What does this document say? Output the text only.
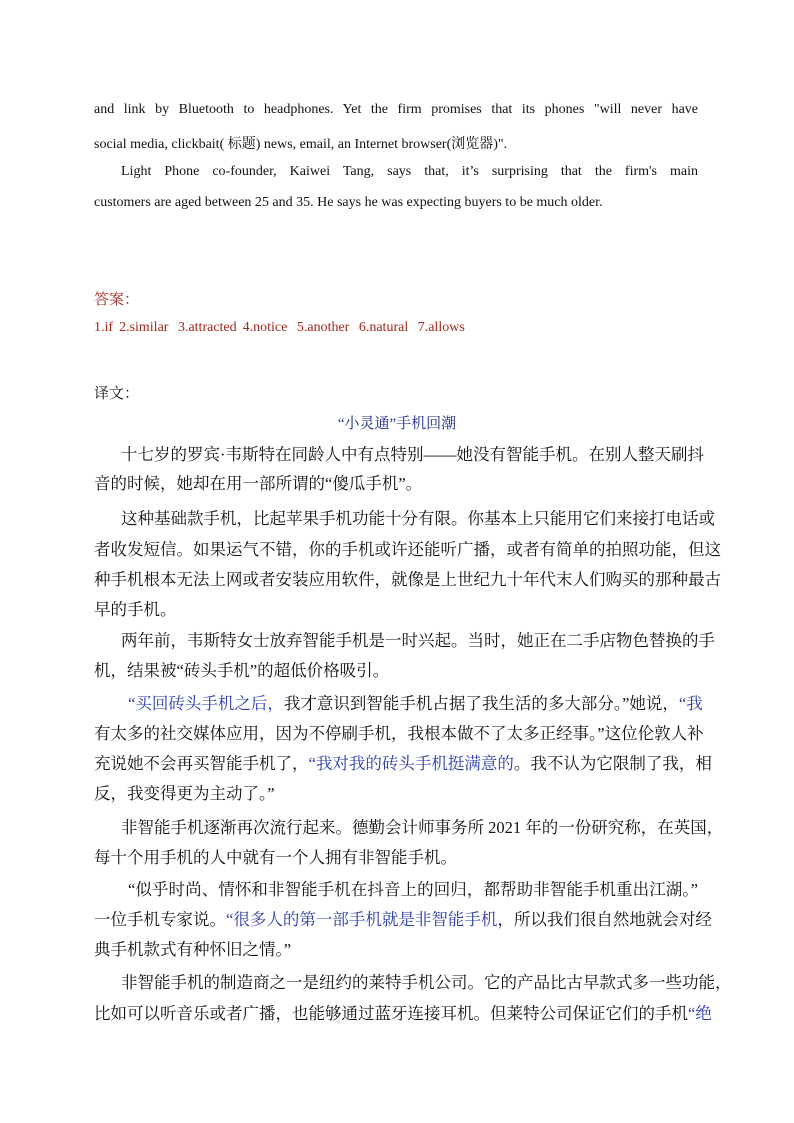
and link by Bluetooth to headphones. Yet the firm promises that its phones "will never have
social media, clickbait( 标题) news, email, an Internet browser(浏览器)".
Light Phone co-founder, Kaiwei Tang, says that, it’s surprising that the firm's main
customers are aged between 25 and 35. He says he was expecting buyers to be much older.
答案：
1.if 2.similar 3.attracted 4.notice 5.another 6.natural 7.allows
译文：
“小灵通”手机回潮
十七岁的罗宾·韦斯特在同龄人中有点特别——她没有智能手机。在别人整天刷抖
音的时候，她却在用一部所谓的“傻瓜手机”。
这种基础款手机，比起苹果手机功能十分有限。你基本上只能用它们来接打电话或
者收发短信。如果运气不错，你的手机或许还能听广播，或者有简单的拍照功能，但这
种手机根本无法上网或者安装应用软件，就像是上世纪九十年代末人们购买的那种最古
早的手机。
两年前，韦斯特女士放弃智能手机是一时兴起。当时，她正在二手店物色替换的手
机，结果被“砖头手机”的超低价格吸引。
“买回砖头手机之后，我才意识到智能手机占据了我生活的多大部分。”她说，“我
有太多的社交媒体应用，因为不停刷手机，我根本做不了太多正经事。”这位伦敦人补
充说她不会再买智能手机了，“我对我的砖头手机挺满意的。我不认为它限制了我，相
反，我变得更为主动了。”
非智能手机逐渐再次流行起来。德勤会计师事务所 2021 年的一份研究称，在英国，
每十个用手机的人中就有一个人拥有非智能手机。
“似乎时尚、情怀和非智能手机在抖音上的回归，都帮助非智能手机重出江湖。”
一位手机专家说。“很多人的第一部手机就是非智能手机，所以我们很自然地就会对经
典手机款式有种怀旧之情。”
非智能手机的制造商之一是纽约的莱特手机公司。它的产品比古早款式多一些功能，
比如可以听音乐或者广播，也能够通过蓝牙连接耳机。但莱特公司保证它们的手机“绝
